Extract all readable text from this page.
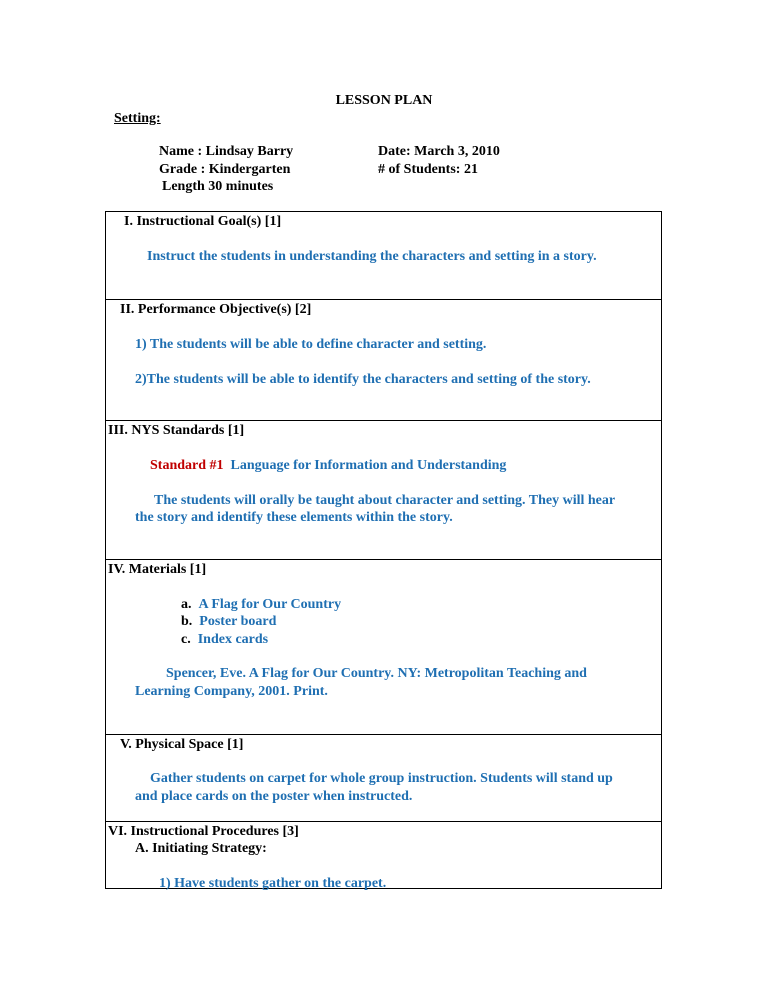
LESSON PLAN
Setting:
Name : Lindsay Barry
Grade : Kindergarten
Length 30 minutes
Date: March 3, 2010
# of Students: 21
I. Instructional Goal(s) [1]
Instruct the students in understanding the characters and setting in a story.
II. Performance Objective(s) [2]
1) The students will be able to define character and setting.
2)The students will be able to identify the characters and setting of the story.
III. NYS Standards [1]
Standard #1 Language for Information and Understanding
The students will orally be taught about character and setting. They will hear
the story and identify these elements within the story.
IV. Materials [1]
a. A Flag for Our Country
b. Poster board
c. Index cards
Spencer, Eve. A Flag for Our Country. NY: Metropolitan Teaching and
Learning Company, 2001. Print.
V. Physical Space [1]
Gather students on carpet for whole group instruction. Students will stand up
and place cards on the poster when instructed.
VI. Instructional Procedures [3]
A. Initiating Strategy:
1) Have students gather on the carpet.
